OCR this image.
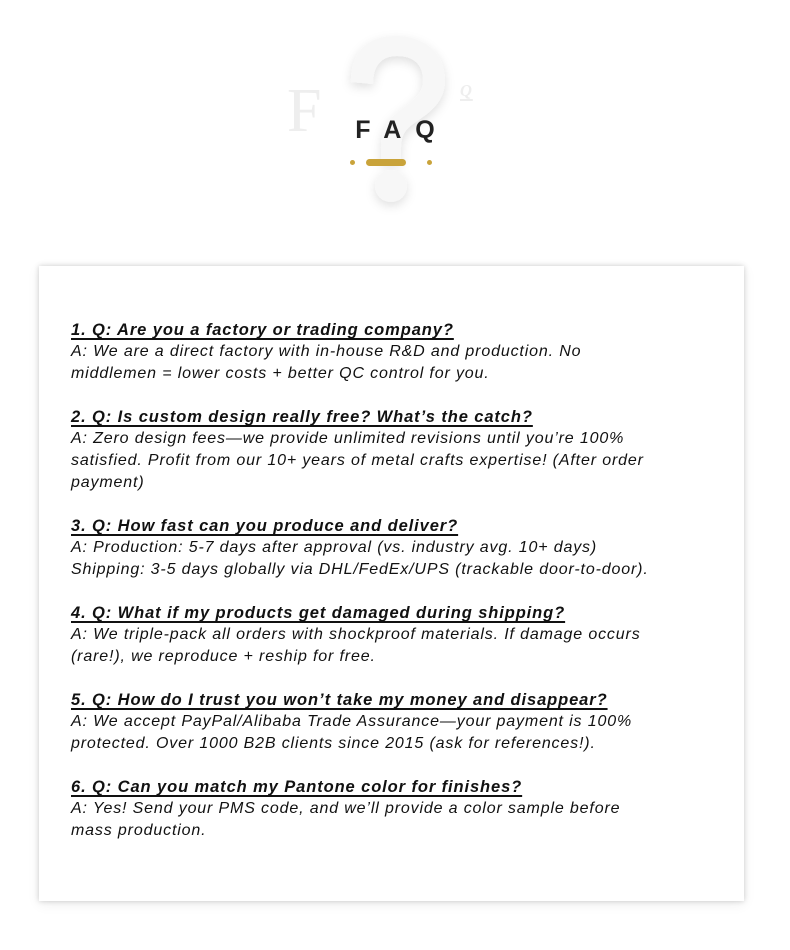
F	Q
FAQ
1. Q: Are you a factory or trading company?
A: We are a direct factory with in-house R&D and production. No
middlemen = lower costs + better QC control for you.
2. Q: Is custom design really free? What’s the catch?
A: Zero design fees—we provide unlimited revisions until you’re 100%
satisfied. Profit from our 10+ years of metal crafts expertise! (After order
payment)
3. Q: How fast can you produce and deliver?
A: Production: 5-7 days after approval (vs. industry avg. 10+ days)
Shipping: 3-5 days globally via DHL/FedEx/UPS (trackable door-to-door).
4. Q: What if my products get damaged during shipping?
A: We triple-pack all orders with shockproof materials. If damage occurs
(rare!), we reproduce + reship for free.
5. Q: How do I trust you won’t take my money and disappear?
A: We accept PayPal/Alibaba Trade Assurance—your payment is 100%
protected. Over 1000 B2B clients since 2015 (ask for references!).
6. Q: Can you match my Pantone color for finishes?
A: Yes! Send your PMS code, and we’ll provide a color sample before
mass production.
